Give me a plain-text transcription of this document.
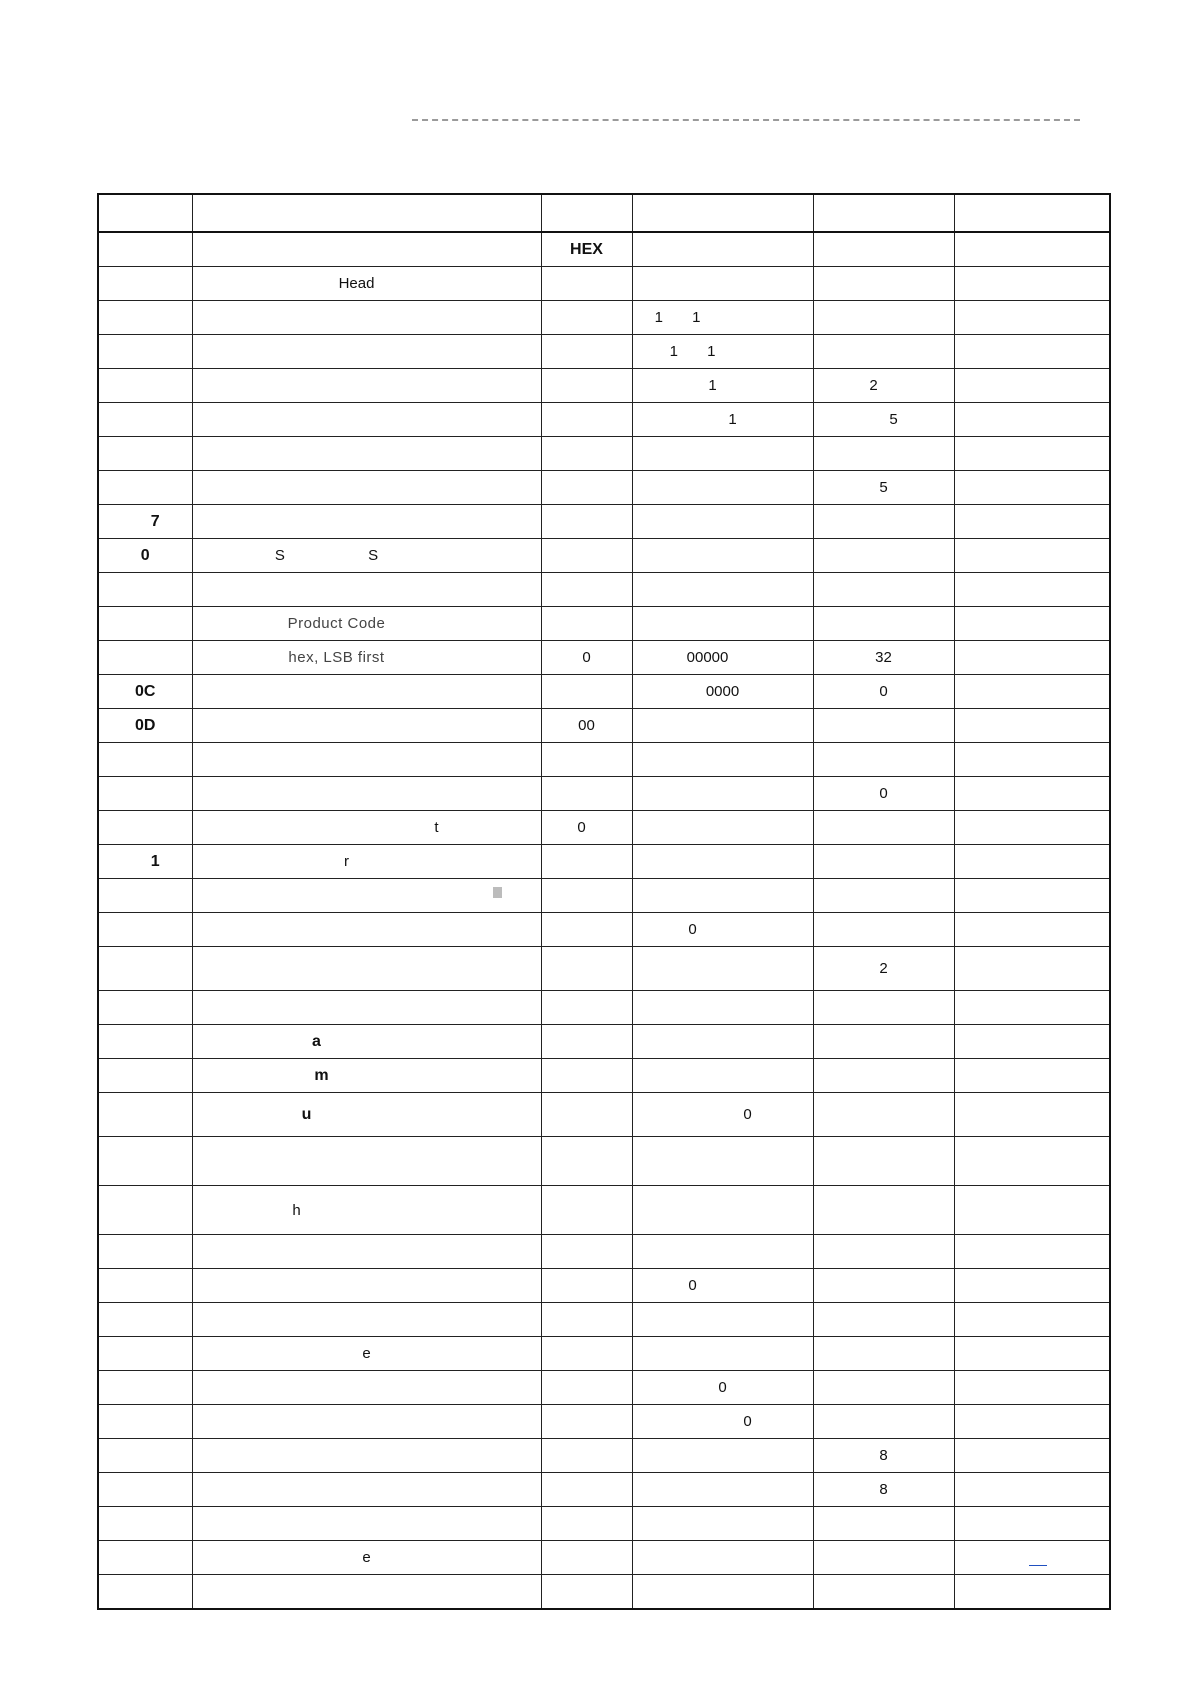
		HEX			

	Head				

			1       1		

			1       1		

			1	2	

			1	5	

				5	

7					

0	S                    S				

	Product Code				

	hex, LSB first	0	00000	32	

0C			0000	0	

0D		00			

				0	

	t	0			

1	r				

			0		

				2	

	a				

	m				

	u		0		

	h				

			0		

	e				

			0		

			0		

				8	

				8	

	e				
